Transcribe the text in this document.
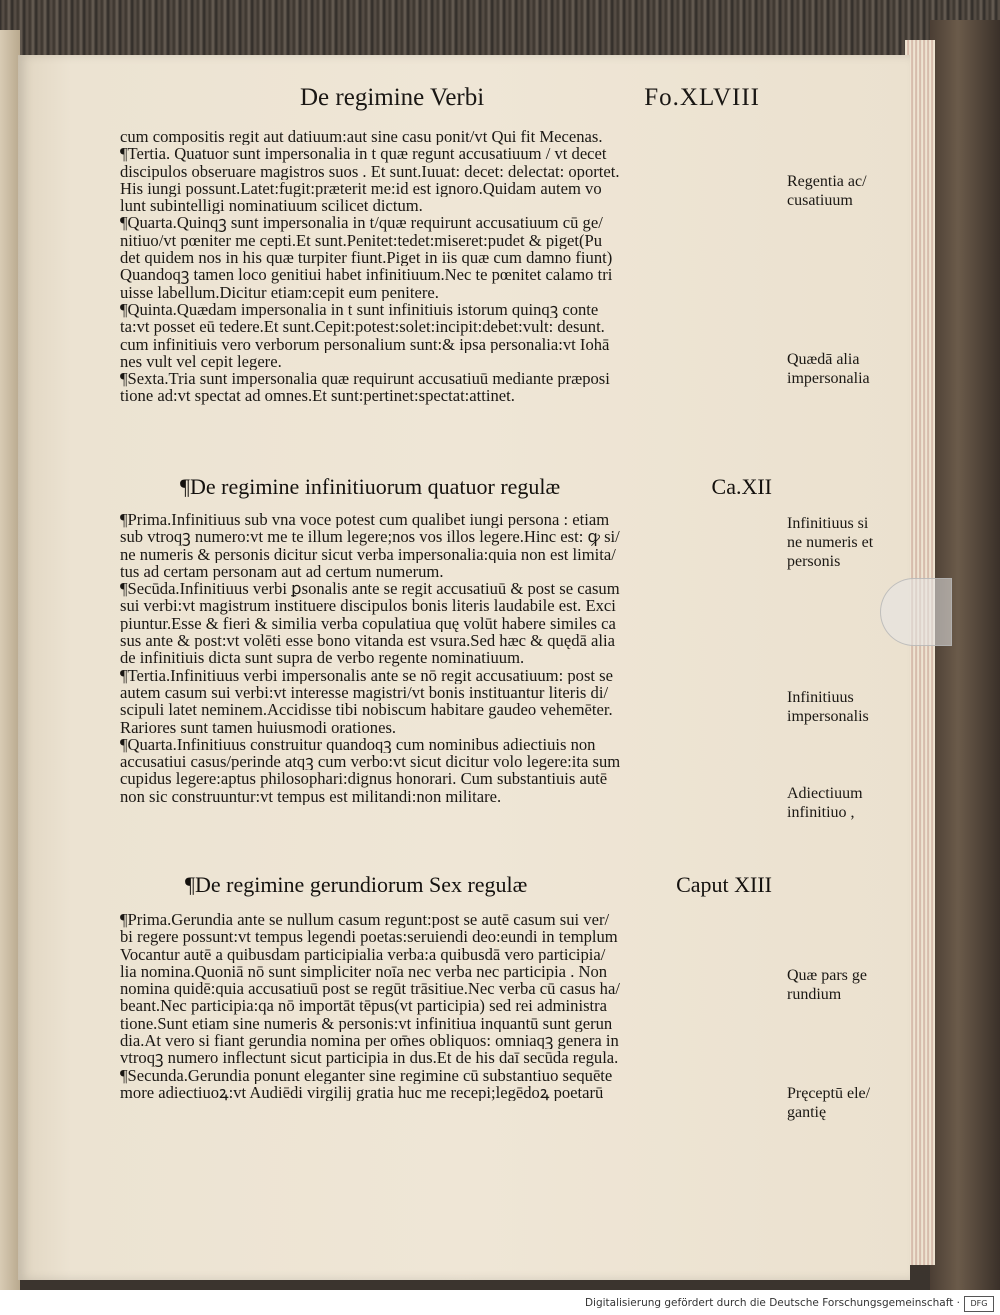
De regimine Verbi	Fo.XLVIII
cum compositis regit aut datiuum:aut sine casu ponit/vt Qui fit Mecenas.
¶Tertia. Quatuor sunt impersonalia in t quæ regunt accusatiuum / vt decet
discipulos obseruare magistros suos . Et sunt.Iuuat: decet: delectat: oportet.
His iungi possunt.Latet:fugit:præterit me:id est ignoro.Quidam autem vo
lunt subintelligi nominatiuum scilicet dictum.
¶Quarta.Quinqꝫ sunt impersonalia in t/quæ requirunt accusatiuum cū ge/
nitiuo/vt pœniter me cepti.Et sunt.Penitet:tedet:miseret:pudet & piget(Pu
det quidem nos in his quæ turpiter fiunt.Piget in iis quæ cum damno fiunt)
Quandoqꝫ tamen loco genitiui habet infinitiuum.Nec te pœnitet calamo tri
uisse labellum.Dicitur etiam:cepit eum penitere.
¶Quinta.Quædam impersonalia in t sunt infinitiuis istorum quinqꝫ conte
ta:vt posset eū tedere.Et sunt.Cepit:potest:solet:incipit:debet:vult: desunt.
cum infinitiuis vero verborum personalium sunt:& ipsa personalia:vt Iohā
nes vult vel cepit legere.
¶Sexta.Tria sunt impersonalia quæ requirunt accusatiuū mediante præposi
tione ad:vt spectat ad omnes.Et sunt:pertinet:spectat:attinet.
¶De regimine infinitiuorum quatuor regulæ	Ca.XII
¶Prima.Infinitiuus sub vna voce potest cum qualibet iungi persona : etiam
sub vtroqꝫ numero:vt me te illum legere;nos vos illos legere.Hinc est: ꝙ si/
ne numeris & personis dicitur sicut verba impersonalia:quia non est limita/
tus ad certam personam aut ad certum numerum.
¶Secūda.Infinitiuus verbi ꝑsonalis ante se regit accusatiuū & post se casum
sui verbi:vt magistrum instituere discipulos bonis literis laudabile est. Exci
piuntur.Esse & fieri & similia verba copulatiua quę volūt habere similes ca
sus ante & post:vt volēti esse bono vitanda est vsura.Sed hæc & quędā alia
de infinitiuis dicta sunt supra de verbo regente nominatiuum.
¶Tertia.Infinitiuus verbi impersonalis ante se nō regit accusatiuum: post se
autem casum sui verbi:vt interesse magistri/vt bonis instituantur literis di/
scipuli latet neminem.Accidisse tibi nobiscum habitare gaudeo vehemēter.
Rariores sunt tamen huiusmodi orationes.
¶Quarta.Infinitiuus construitur quandoqꝫ cum nominibus adiectiuis non
accusatiui casus/perinde atqꝫ cum verbo:vt sicut dicitur volo legere:ita sum
cupidus legere:aptus philosophari:dignus honorari. Cum substantiuis autē
non sic construuntur:vt tempus est militandi:non militare.
¶De regimine gerundiorum Sex regulæ	Caput XIII
¶Prima.Gerundia ante se nullum casum regunt:post se autē casum sui ver/
bi regere possunt:vt tempus legendi poetas:seruiendi deo:eundi in templum
Vocantur autē a quibusdam participialia verba:a quibusdā vero participia/
lia nomina.Quoniā nō sunt simpliciter noīa nec verba nec participia . Non
nomina quidē:quia accusatiuū post se regūt trāsitiue.Nec verba cū casus ha/
beant.Nec participia:qa nō importāt tēpus(vt participia) sed rei administra
tione.Sunt etiam sine numeris & personis:vt infinitiua inquantū sunt gerun
dia.At vero si fiant gerundia nomina per om̄es obliquos: omniaqꝫ genera in
vtroqꝫ numero inflectunt sicut participia in dus.Et de his daī secūda regula.
¶Secunda.Gerundia ponunt eleganter sine regimine cū substantiuo sequēte
more adiectiuoꝝ:vt Audiēdi virgilij gratia huc me recepi;legēdoꝝ poetarū
Regentia ac/
cusatiuum
Quædā alia
impersonalia
Infinitiuus si
ne numeris et
personis
Infinitiuus
impersonalis
Adiectiuum
infinitiuo ,
Quæ pars ge
rundium
Pręceptū ele/
gantię
Digitalisierung gefördert durch die Deutsche Forschungsgemeinschaft ·	DFG
